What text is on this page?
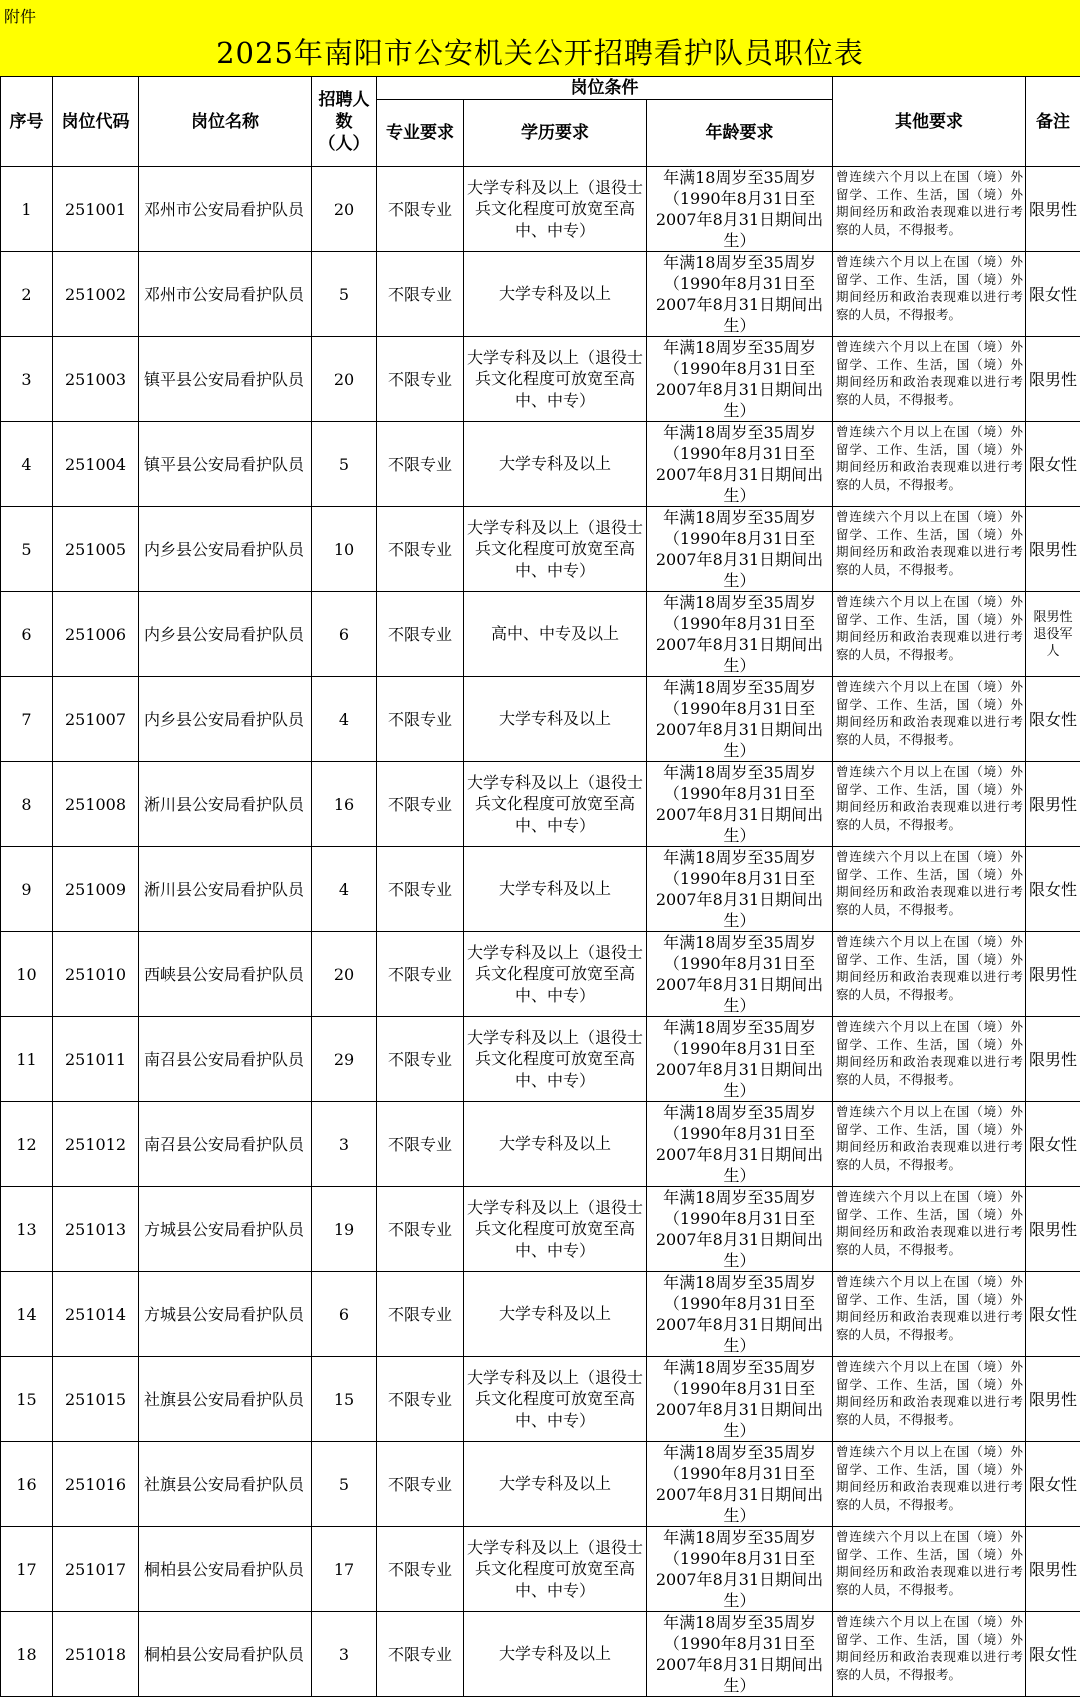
附件
2025年南阳市公安机关公开招聘看护队员职位表
序号	岗位代码	岗位名称	招聘人数（人）	岗位条件			其他要求	备注
				专业要求	学历要求	年龄要求		
1	251001	邓州市公安局看护队员	20	不限专业	大学专科及以上（退役士兵文化程度可放宽至高中、中专）	年满18周岁至35周岁（1990年8月31日至2007年8月31日期间出生）	曾连续六个月以上在国（境）外留学、工作、生活，国（境）外期间经历和政治表现难以进行考察的人员，不得报考。	限男性
2	251002	邓州市公安局看护队员	5	不限专业	大学专科及以上	年满18周岁至35周岁（1990年8月31日至2007年8月31日期间出生）	曾连续六个月以上在国（境）外留学、工作、生活，国（境）外期间经历和政治表现难以进行考察的人员，不得报考。	限女性
3	251003	镇平县公安局看护队员	20	不限专业	大学专科及以上（退役士兵文化程度可放宽至高中、中专）	年满18周岁至35周岁（1990年8月31日至2007年8月31日期间出生）	曾连续六个月以上在国（境）外留学、工作、生活，国（境）外期间经历和政治表现难以进行考察的人员，不得报考。	限男性
4	251004	镇平县公安局看护队员	5	不限专业	大学专科及以上	年满18周岁至35周岁（1990年8月31日至2007年8月31日期间出生）	曾连续六个月以上在国（境）外留学、工作、生活，国（境）外期间经历和政治表现难以进行考察的人员，不得报考。	限女性
5	251005	内乡县公安局看护队员	10	不限专业	大学专科及以上（退役士兵文化程度可放宽至高中、中专）	年满18周岁至35周岁（1990年8月31日至2007年8月31日期间出生）	曾连续六个月以上在国（境）外留学、工作、生活，国（境）外期间经历和政治表现难以进行考察的人员，不得报考。	限男性
6	251006	内乡县公安局看护队员	6	不限专业	高中、中专及以上	年满18周岁至35周岁（1990年8月31日至2007年8月31日期间出生）	曾连续六个月以上在国（境）外留学、工作、生活，国（境）外期间经历和政治表现难以进行考察的人员，不得报考。	限男性退役军人
7	251007	内乡县公安局看护队员	4	不限专业	大学专科及以上	年满18周岁至35周岁（1990年8月31日至2007年8月31日期间出生）	曾连续六个月以上在国（境）外留学、工作、生活，国（境）外期间经历和政治表现难以进行考察的人员，不得报考。	限女性
8	251008	淅川县公安局看护队员	16	不限专业	大学专科及以上（退役士兵文化程度可放宽至高中、中专）	年满18周岁至35周岁（1990年8月31日至2007年8月31日期间出生）	曾连续六个月以上在国（境）外留学、工作、生活，国（境）外期间经历和政治表现难以进行考察的人员，不得报考。	限男性
9	251009	淅川县公安局看护队员	4	不限专业	大学专科及以上	年满18周岁至35周岁（1990年8月31日至2007年8月31日期间出生）	曾连续六个月以上在国（境）外留学、工作、生活，国（境）外期间经历和政治表现难以进行考察的人员，不得报考。	限女性
10	251010	西峡县公安局看护队员	20	不限专业	大学专科及以上（退役士兵文化程度可放宽至高中、中专）	年满18周岁至35周岁（1990年8月31日至2007年8月31日期间出生）	曾连续六个月以上在国（境）外留学、工作、生活，国（境）外期间经历和政治表现难以进行考察的人员，不得报考。	限男性
11	251011	南召县公安局看护队员	29	不限专业	大学专科及以上（退役士兵文化程度可放宽至高中、中专）	年满18周岁至35周岁（1990年8月31日至2007年8月31日期间出生）	曾连续六个月以上在国（境）外留学、工作、生活，国（境）外期间经历和政治表现难以进行考察的人员，不得报考。	限男性
12	251012	南召县公安局看护队员	3	不限专业	大学专科及以上	年满18周岁至35周岁（1990年8月31日至2007年8月31日期间出生）	曾连续六个月以上在国（境）外留学、工作、生活，国（境）外期间经历和政治表现难以进行考察的人员，不得报考。	限女性
13	251013	方城县公安局看护队员	19	不限专业	大学专科及以上（退役士兵文化程度可放宽至高中、中专）	年满18周岁至35周岁（1990年8月31日至2007年8月31日期间出生）	曾连续六个月以上在国（境）外留学、工作、生活，国（境）外期间经历和政治表现难以进行考察的人员，不得报考。	限男性
14	251014	方城县公安局看护队员	6	不限专业	大学专科及以上	年满18周岁至35周岁（1990年8月31日至2007年8月31日期间出生）	曾连续六个月以上在国（境）外留学、工作、生活，国（境）外期间经历和政治表现难以进行考察的人员，不得报考。	限女性
15	251015	社旗县公安局看护队员	15	不限专业	大学专科及以上（退役士兵文化程度可放宽至高中、中专）	年满18周岁至35周岁（1990年8月31日至2007年8月31日期间出生）	曾连续六个月以上在国（境）外留学、工作、生活，国（境）外期间经历和政治表现难以进行考察的人员，不得报考。	限男性
16	251016	社旗县公安局看护队员	5	不限专业	大学专科及以上	年满18周岁至35周岁（1990年8月31日至2007年8月31日期间出生）	曾连续六个月以上在国（境）外留学、工作、生活，国（境）外期间经历和政治表现难以进行考察的人员，不得报考。	限女性
17	251017	桐柏县公安局看护队员	17	不限专业	大学专科及以上（退役士兵文化程度可放宽至高中、中专）	年满18周岁至35周岁（1990年8月31日至2007年8月31日期间出生）	曾连续六个月以上在国（境）外留学、工作、生活，国（境）外期间经历和政治表现难以进行考察的人员，不得报考。	限男性
18	251018	桐柏县公安局看护队员	3	不限专业	大学专科及以上	年满18周岁至35周岁（1990年8月31日至2007年8月31日期间出生）	曾连续六个月以上在国（境）外留学、工作、生活，国（境）外期间经历和政治表现难以进行考察的人员，不得报考。	限女性
